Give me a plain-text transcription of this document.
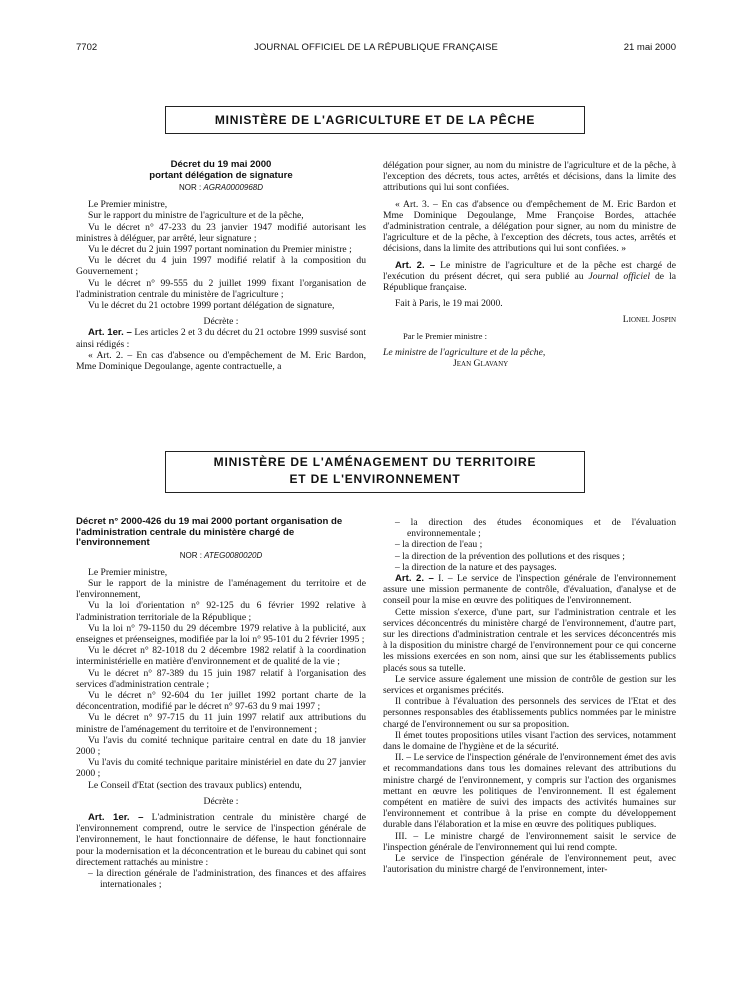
7702	JOURNAL OFFICIEL DE LA RÉPUBLIQUE FRANÇAISE	21 mai 2000
MINISTÈRE DE L'AGRICULTURE ET DE LA PÊCHE
Décret du 19 mai 2000
portant délégation de signature
NOR : AGRA0000968D

Le Premier ministre,

Sur le rapport du ministre de l'agriculture et de la pêche,

Vu le décret n° 47-233 du 23 janvier 1947 modifié autorisant les ministres à déléguer, par arrêté, leur signature ;

Vu le décret du 2 juin 1997 portant nomination du Premier ministre ;

Vu le décret du 4 juin 1997 modifié relatif à la composition du Gouvernement ;

Vu le décret n° 99-555 du 2 juillet 1999 fixant l'organisation de l'administration centrale du ministère de l'agriculture ;

Vu le décret du 21 octobre 1999 portant délégation de signature,

Décrète :

Art. 1er. – Les articles 2 et 3 du décret du 21 octobre 1999 susvisé sont ainsi rédigés :

« Art. 2. – En cas d'absence ou d'empêchement de M. Eric Bardon, Mme Dominique Degoulange, agente contractuelle, a

délégation pour signer, au nom du ministre de l'agriculture et de la pêche, à l'exception des décrets, tous actes, arrêtés et décisions, dans la limite des attributions qui lui sont confiées.

« Art. 3. – En cas d'absence ou d'empêchement de M. Eric Bardon et Mme Dominique Degoulange, Mme Françoise Bordes, attachée d'administration centrale, a délégation pour signer, au nom du ministre de l'agriculture et de la pêche, à l'exception des décrets, tous actes, arrêtés et décisions, dans la limite des attributions qui lui sont confiées. »

Art. 2. – Le ministre de l'agriculture et de la pêche est chargé de l'exécution du présent décret, qui sera publié au Journal officiel de la République française.

Fait à Paris, le 19 mai 2000.

Lionel Jospin

Par le Premier ministre :

Le ministre de l'agriculture et de la pêche,

Jean Glavany

MINISTÈRE DE L'AMÉNAGEMENT DU TERRITOIRE
ET DE L'ENVIRONNEMENT
Décret n° 2000-426 du 19 mai 2000 portant organisation de l'administration centrale du ministère chargé de l'environnement
NOR : ATEG0080020D

Le Premier ministre,

Sur le rapport de la ministre de l'aménagement du territoire et de l'environnement,

Vu la loi d'orientation n° 92-125 du 6 février 1992 relative à l'administration territoriale de la République ;

Vu la loi n° 79-1150 du 29 décembre 1979 relative à la publicité, aux enseignes et préenseignes, modifiée par la loi n° 95-101 du 2 février 1995 ;

Vu le décret n° 82-1018 du 2 décembre 1982 relatif à la coordination interministérielle en matière d'environnement et de qualité de la vie ;

Vu le décret n° 87-389 du 15 juin 1987 relatif à l'organisation des services d'administration centrale ;

Vu le décret n° 92-604 du 1er juillet 1992 portant charte de la déconcentration, modifié par le décret n° 97-63 du 9 mai 1997 ;

Vu le décret n° 97-715 du 11 juin 1997 relatif aux attributions du ministre de l'aménagement du territoire et de l'environnement ;

Vu l'avis du comité technique paritaire central en date du 18 janvier 2000 ;

Vu l'avis du comité technique paritaire ministériel en date du 27 janvier 2000 ;

Le Conseil d'Etat (section des travaux publics) entendu,

Décrète :

Art. 1er. – L'administration centrale du ministère chargé de l'environnement comprend, outre le service de l'inspection générale de l'environnement, le haut fonctionnaire de défense, le haut fonctionnaire pour la modernisation et la déconcentration et le bureau du cabinet qui sont directement rattachés au ministre :

– la direction générale de l'administration, des finances et des affaires internationales ;

– la direction des études économiques et de l'évaluation environnementale ;

– la direction de l'eau ;

– la direction de la prévention des pollutions et des risques ;

– la direction de la nature et des paysages.

Art. 2. – I. – Le service de l'inspection générale de l'environnement assure une mission permanente de contrôle, d'évaluation, d'analyse et de conseil pour la mise en œuvre des politiques de l'environnement.

Cette mission s'exerce, d'une part, sur l'administration centrale et les services déconcentrés du ministère chargé de l'environnement, d'autre part, sur les directions d'administration centrale et les services déconcentrés mis à la disposition du ministre chargé de l'environnement pour ce qui concerne les missions exercées en son nom, ainsi que sur les établissements publics placés sous sa tutelle.

Le service assure également une mission de contrôle de gestion sur les services et organismes précités.

Il contribue à l'évaluation des personnels des services de l'Etat et des personnes responsables des établissements publics nommées par le ministre chargé de l'environnement ou sur sa proposition.

Il émet toutes propositions utiles visant l'action des services, notamment dans le domaine de l'hygiène et de la sécurité.

II. – Le service de l'inspection générale de l'environnement émet des avis et recommandations dans tous les domaines relevant des attributions du ministre chargé de l'environnement, y compris sur l'action des organismes mettant en œuvre les politiques de l'environnement. Il est également compétent en matière de suivi des impacts des activités humaines sur l'environnement et contribue à la prise en compte du développement durable dans l'élaboration et la mise en œuvre des politiques publiques.

III. – Le ministre chargé de l'environnement saisit le service de l'inspection générale de l'environnement qui lui rend compte.

Le service de l'inspection générale de l'environnement peut, avec l'autorisation du ministre chargé de l'environnement, inter-
